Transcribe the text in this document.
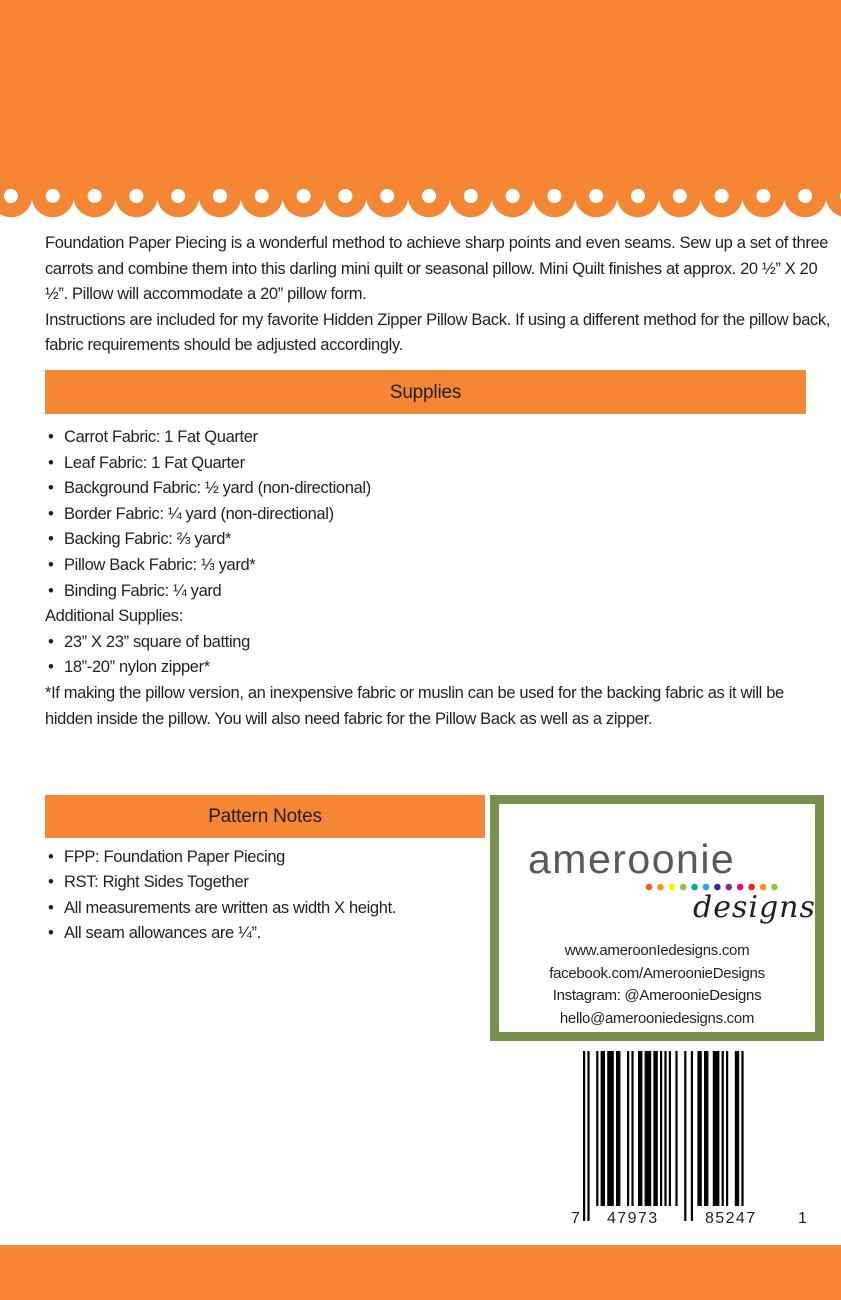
Foundation Paper Piecing is a wonderful method to achieve sharp points and even seams. Sew up a set of three carrots and combine them into this darling mini quilt or seasonal pillow. Mini Quilt finishes at approx. 20 ½” X 20 ½”. Pillow will accommodate a 20” pillow form.

Instructions are included for my favorite Hidden Zipper Pillow Back. If using a different method for the pillow back, fabric requirements should be adjusted accordingly.

Supplies
• Carrot Fabric: 1 Fat Quarter
• Leaf Fabric: 1 Fat Quarter
• Background Fabric: ½ yard (non-directional)
• Border Fabric: ¼ yard (non-directional)
• Backing Fabric: ⅔ yard*
• Pillow Back Fabric: ⅓ yard*
• Binding Fabric: ¼ yard

Additional Supplies:

• 23” X 23” square of batting
• 18”-20” nylon zipper*

*If making the pillow version, an inexpensive fabric or muslin can be used for the backing fabric as it will be hidden inside the pillow. You will also need fabric for the Pillow Back as well as a zipper.

Pattern Notes
• FPP: Foundation Paper Piecing
• RST: Right Sides Together
• All measurements are written as width X height.
• All seam allowances are ¼”.
ameroonie
designs
www.ameroonIedesigns.com
facebook.com/AmeroonieDesigns
Instagram: @AmeroonieDesigns
hello@amerooniedesigns.com
7 47973	85247	1
